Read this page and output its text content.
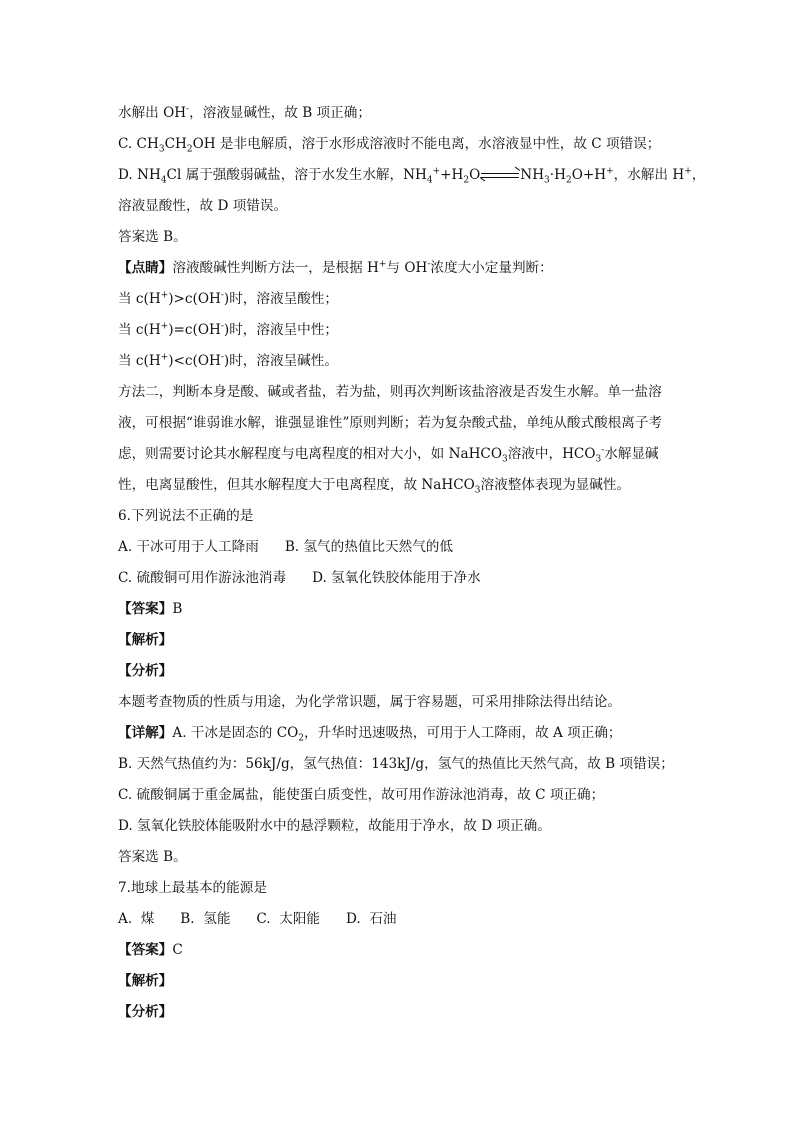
水解出 OH-，溶液显碱性，故 B 项正确；
C. $CH_3CH_2OH$ 是非电解质，溶于水形成溶液时不能电离，水溶液显中性，故 C 项错误；
D. $NH_4Cl$ 属于强酸弱碱盐，溶于水发生水解，$NH_4^++H_2O$	$NH_3\cdot H_2O+H^+$，水解出 H+，
溶液显酸性，故 D 项错误。
答案选 B。
【点睛】溶液酸碱性判断方法一，是根据 H+与 OH-浓度大小定量判断：
当 c(H+)>c(OH-)时，溶液呈酸性；
当 c(H+)=c(OH-)时，溶液呈中性；
当 c(H+)<c(OH-)时，溶液呈碱性。
方法二，判断本身是酸、碱或者盐，若为盐，则再次判断该盐溶液是否发生水解。单一盐溶
液，可根据“谁弱谁水解，谁强显谁性”原则判断；若为复杂酸式盐，单纯从酸式酸根离子考
虑，则需要讨论其水解程度与电离程度的相对大小，如 NaHCO$_3$溶液中，$HCO_3^-$水解显碱
性，电离显酸性，但其水解程度大于电离程度，故 NaHCO$_3$溶液整体表现为显碱性。
6.下列说法不正确的是
A. 干冰可用于人工降雨 B. 氢气的热值比天然气的低
C. 硫酸铜可用作游泳池消毒 D. 氢氧化铁胶体能用于净水
【答案】B
【解析】
【分析】
本题考查物质的性质与用途，为化学常识题，属于容易题，可采用排除法得出结论。
【详解】A. 干冰是固态的 $CO_2$，升华时迅速吸热，可用于人工降雨，故 A 项正确；
B. 天然气热值约为：56kJ/g，氢气热值：143kJ/g，氢气的热值比天然气高，故 B 项错误；
C. 硫酸铜属于重金属盐，能使蛋白质变性，故可用作游泳池消毒，故 C 项正确；
D. 氢氧化铁胶体能吸附水中的悬浮颗粒，故能用于净水，故 D 项正确。
答案选 B。
7.地球上最基本的能源是
A.  煤      B.  氢能      C.  太阳能      D.  石油
【答案】C
【解析】
【分析】
